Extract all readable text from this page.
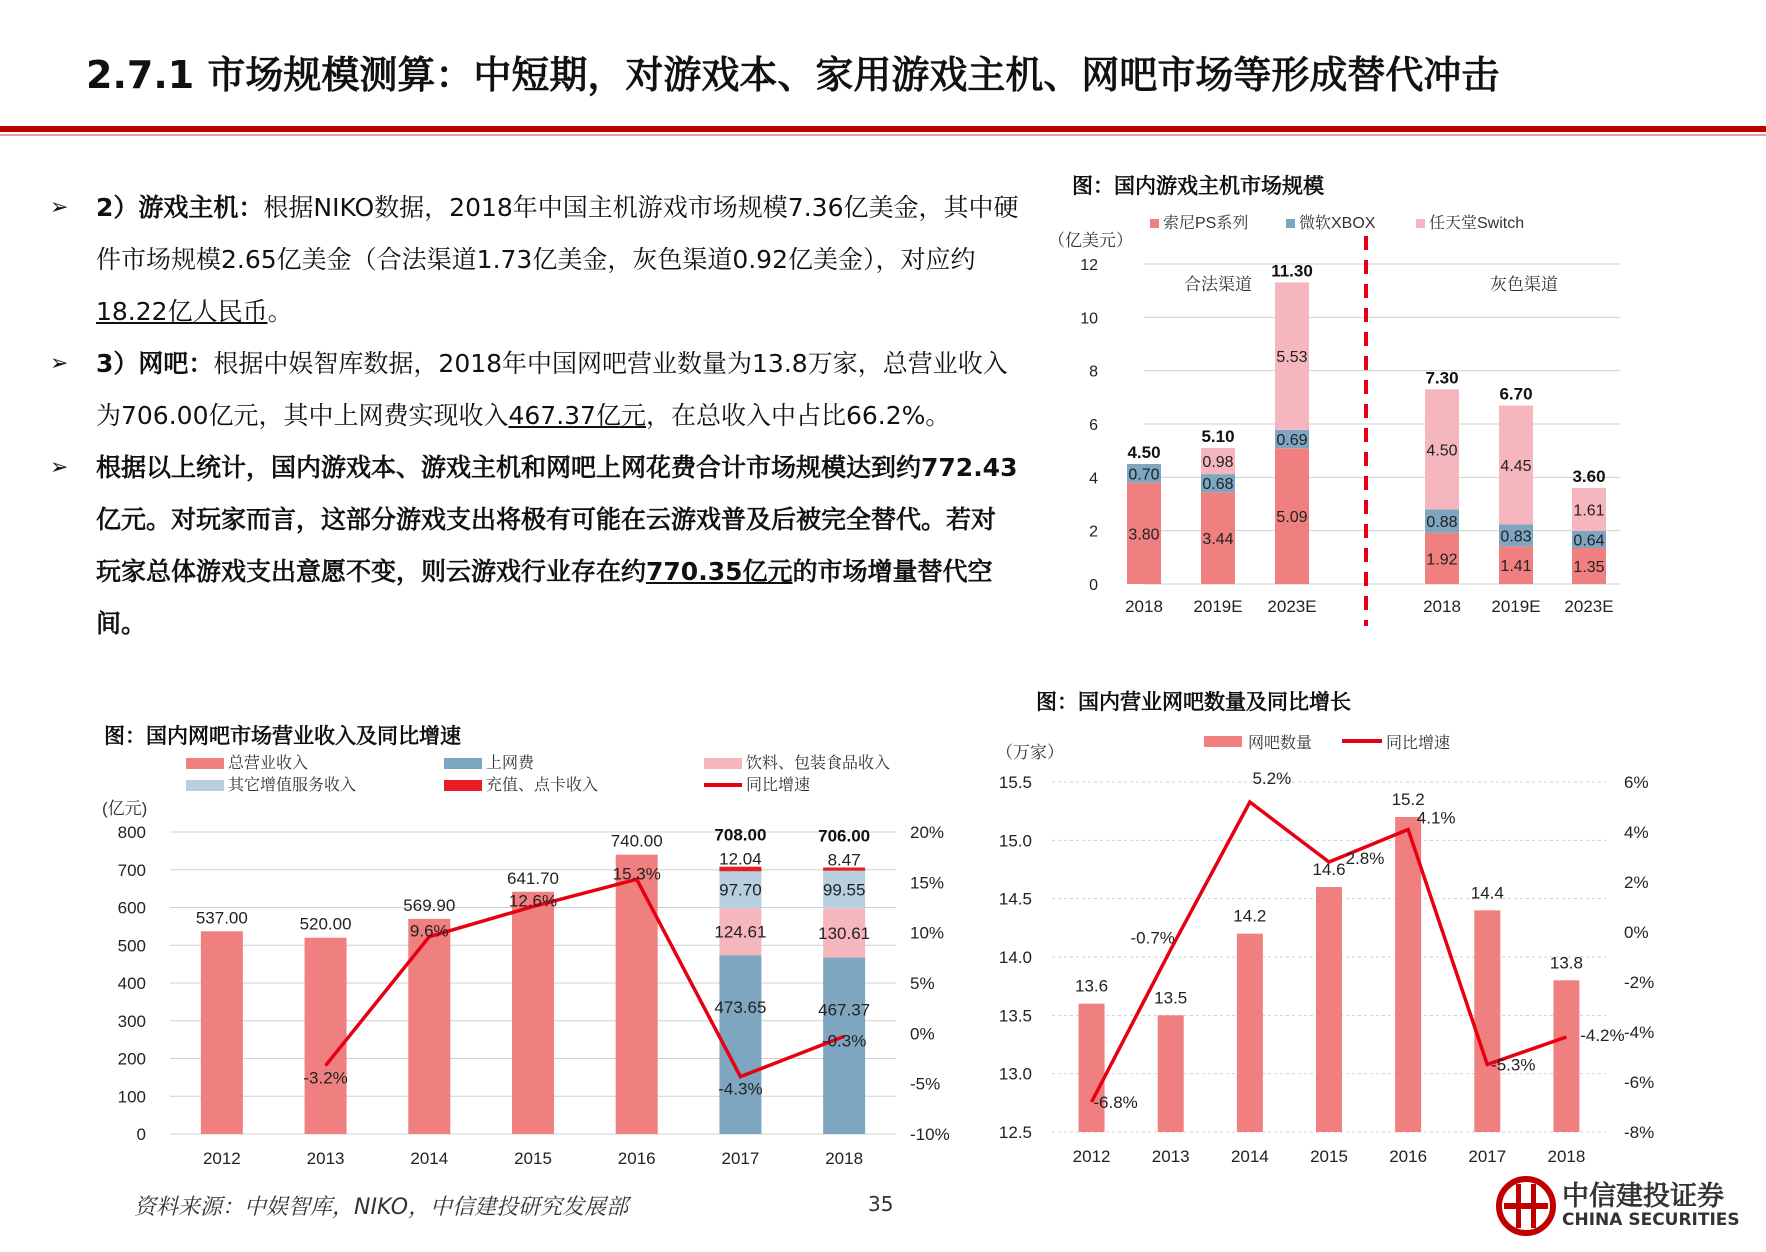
2.7.1 市场规模测算：中短期，对游戏本、家用游戏主机、网吧市场等形成替代冲击
➢ 2）游戏主机：根据NIKO数据，2018年中国主机游戏市场规模7.36亿美金，其中硬件市场规模2.65亿美金（合法渠道1.73亿美金，灰色渠道0.92亿美金），对应约18.22亿人民币。
➢ 3）网吧：根据中娱智库数据，2018年中国网吧营业数量为13.8万家，总营业收入为706.00亿元，其中上网费实现收入467.37亿元，在总收入中占比66.2%。
➢ 根据以上统计，国内游戏本、游戏主机和网吧上网花费合计市场规模达到约772.43亿元。对玩家而言，这部分游戏支出将极有可能在云游戏普及后被完全替代。若对玩家总体游戏支出意愿不变，则云游戏行业存在约770.35亿元的市场增量替代空间。
图：国内游戏主机市场规模
图：国内网吧市场营业收入及同比增速
图：国内营业网吧数量及同比增长
索尼PS系列	微软XBOX	任天堂Switch
（亿美元）
0
2
4
6
8
10
12
3.80
0.70
4.50
2018
3.44
0.68
0.98
5.10
2019E
5.09
0.69
5.53
11.30
2023E
1.92
0.88
4.50
7.30
2018
1.41
0.83
4.45
6.70
2019E
1.35
0.64
1.61
3.60
2023E
合法渠道	灰色渠道
总营业收入	上网费	饮料、包装食品收入
其它增值服务收入	充值、点卡收入	同比增速
(亿元)
0
100
200
300
400
500
600
700
800
-10%
-5%
0%
5%
10%
15%
20%
537.00
2012
520.00
2013
569.90
2014
641.70
2015
740.00
2016
473.65
124.61
97.70
12.04
708.00
2017
467.37
130.61
99.55
8.47
706.00
2018
-3.2%
9.6%
12.6%
15.3%
-4.3%
-0.3%
网吧数量	同比增速
（万家）
12.5
13.0
13.5
14.0
14.5
15.0
15.5
-8%
-6%
-4%
-2%
0%
2%
4%
6%
13.6
2012
13.5
2013
14.2
2014
14.6
2015
15.2
2016
14.4
2017
13.8
2018
-6.8%
-0.7%
5.2%
2.8%
4.1%
-5.3%
-4.2%
资料来源：中娱智库，NIKO，中信建投研究发展部	35	中信建投证券
CHINA SECURITIES
